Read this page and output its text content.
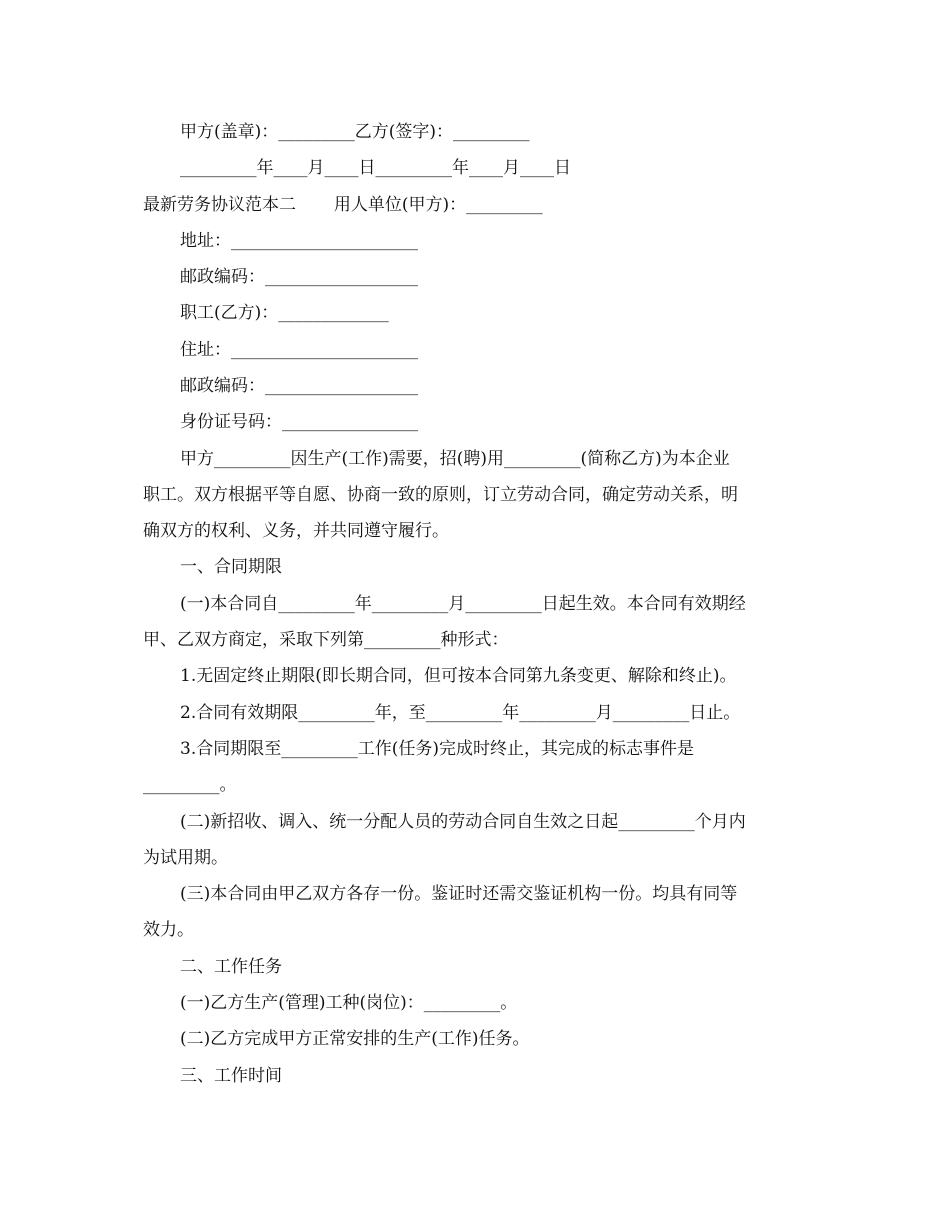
甲方(盖章)：_________乙方(签字)：_________
_________年____月____日_________年____月____日
最新劳务协议范本二       用人单位(甲方)：_________
地址：______________________
邮政编码：__________________
职工(乙方)：_____________
住址：______________________
邮政编码：__________________
身份证号码：________________
甲方_________因生产(工作)需要，招(聘)用_________(简称乙方)为本企业
职工。双方根据平等自愿、协商一致的原则，订立劳动合同，确定劳动关系，明
确双方的权利、义务，并共同遵守履行。
一、合同期限
(一)本合同自_________年_________月_________日起生效。本合同有效期经
甲、乙双方商定，采取下列第_________种形式：
1.无固定终止期限(即长期合同，但可按本合同第九条变更、解除和终止)。
2.合同有效期限_________年，至_________年_________月_________日止。
3.合同期限至_________工作(任务)完成时终止，其完成的标志事件是
_________。
(二)新招收、调入、统一分配人员的劳动合同自生效之日起_________个月内
为试用期。
(三)本合同由甲乙双方各存一份。鉴证时还需交鉴证机构一份。均具有同等
效力。
二、工作任务
(一)乙方生产(管理)工种(岗位)：_________。
(二)乙方完成甲方正常安排的生产(工作)任务。
三、工作时间
